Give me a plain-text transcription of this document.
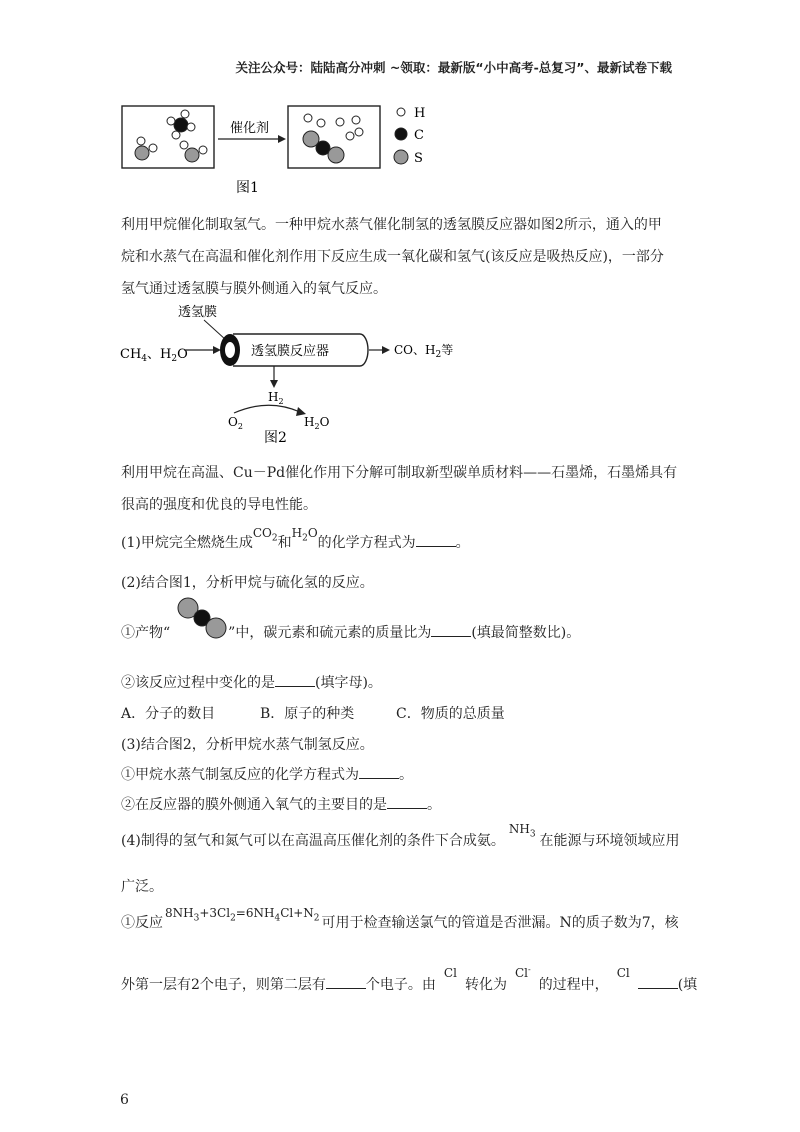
关注公众号：陆陆高分冲刺 ~领取：最新版“小中高考-总复习”、最新试卷下载
催化剂
H
C
S
图1
利用甲烷催化制取氢气。一种甲烷水蒸气催化制氢的透氢膜反应器如图2所示，通入的甲
烷和水蒸气在高温和催化剂作用下反应生成一氧化碳和氢气(该反应是吸热反应)，一部分
氢气通过透氢膜与膜外侧通入的氧气反应。
透氢膜
$CH_4$、$H_2O$	透氢膜反应器	CO、$H_2$等
$H_2$
$O_2$	$H_2O$
图2
利用甲烷在高温、Cu－Pd催化作用下分解可制取新型碳单质材料——石墨烯，石墨烯具有
很高的强度和优良的导电性能。
(1)甲烷完全燃烧生成$CO_2$和$H_2O$的化学方程式为	。
(2)结合图1，分析甲烷与硫化氢的反应。
①产物“	”中，碳元素和硫元素的质量比为	(填最简整数比)。
②该反应过程中变化的是	(填字母)。
A．分子的数目	B．原子的种类	C．物质的总质量
(3)结合图2，分析甲烷水蒸气制氢反应。
①甲烷水蒸气制氢反应的化学方程式为	。
②在反应器的膜外侧通入氧气的主要目的是	。
(4)制得的氢气和氮气可以在高温高压催化剂的条件下合成氨。$NH_3$ 在能源与环境领域应用
广泛。
①反应$8NH_3+3Cl_2=6NH_4Cl+N_2$ 可用于检查输送氯气的管道是否泄漏。N的质子数为7，核
外第一层有2个电子，则第二层有	个电子。由Cl转化为Cl-的过程中，Cl(填
6
